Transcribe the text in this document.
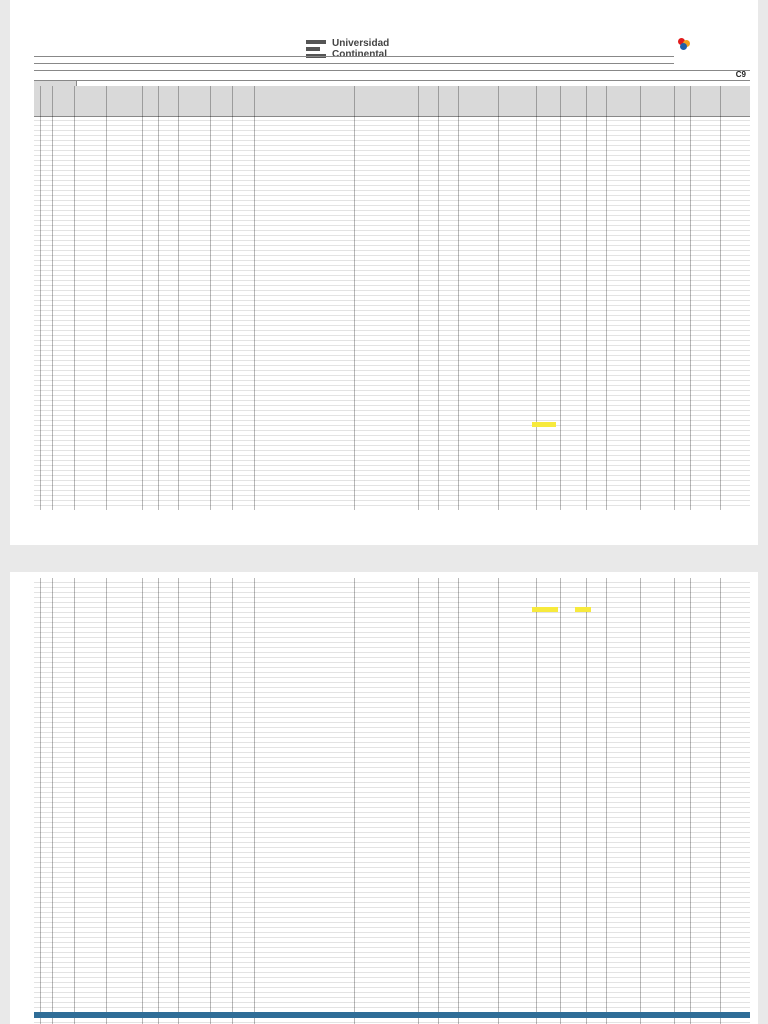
Universidad
Continental
C9
